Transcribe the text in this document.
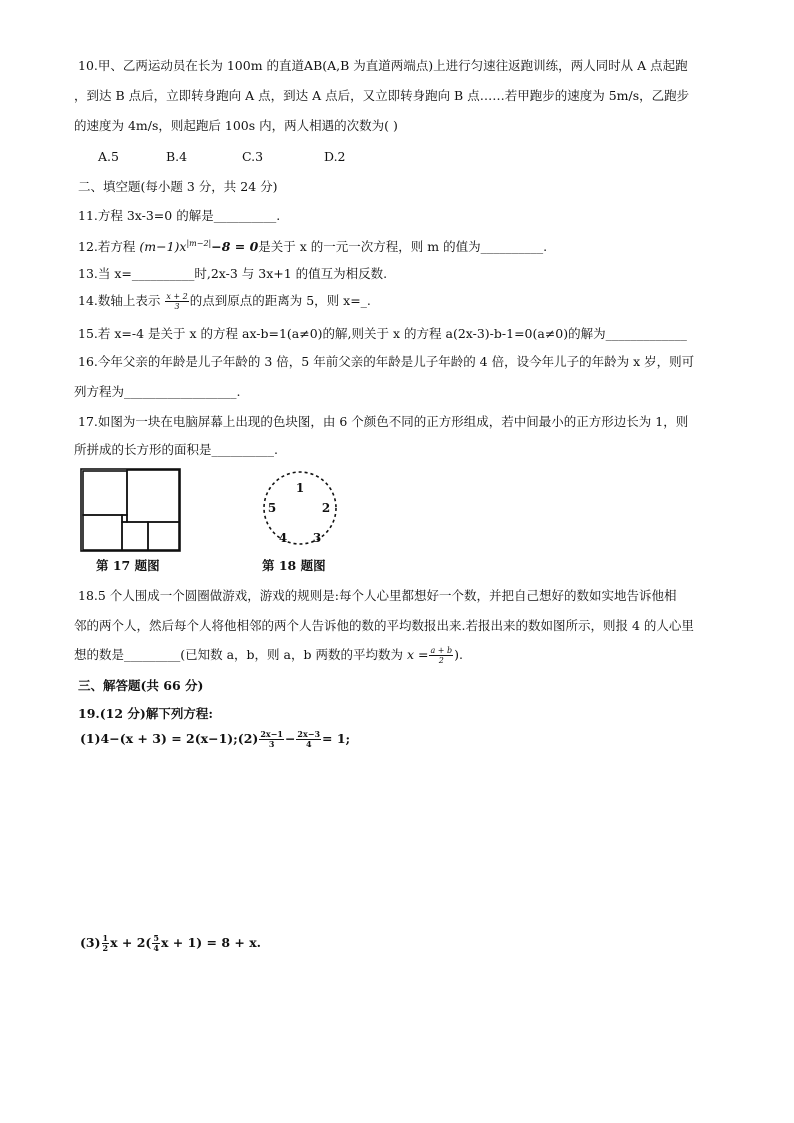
10.甲、乙两运动员在长为 100m 的直道AB(A,B 为直道两端点)上进行匀速往返跑训练，两人同时从 A 点起跑
，到达 B 点后，立即转身跑向 A 点，到达 A 点后，又立即转身跑向 B 点……若甲跑步的速度为 5m/s，乙跑步
的速度为 4m/s，则起跑后 100s 内，两人相遇的次数为( )
A.5	B.4	C.3	D.2
二、填空题(每小题 3 分，共 24 分)
11.方程 3x-3=0 的解是__________.
12.若方程 $(m-1)x^{|m-2|}-8 = 0$是关于 x 的一元一次方程，则 m 的值为__________.
13.当 x=__________时,2x-3 与 3x+1 的值互为相反数.
14.数轴上表示 $\frac{x + 2}{3}$ 的点到原点的距离为 5，则 x=_.
15.若 x=-4 是关于 x 的方程 ax-b=1(a≠0)的解,则关于 x 的方程 a(2x-3)-b-1=0(a≠0)的解为_____________
16.今年父亲的年龄是儿子年龄的 3 倍，5 年前父亲的年龄是儿子年龄的 4 倍，设今年儿子的年龄为 x 岁，则可
列方程为__________________.
17.如图为一块在电脑屏幕上出现的色块图，由 6 个颜色不同的正方形组成，若中间最小的正方形边长为 1，则
所拼成的长方形的面积是__________.
第 17 题图
1
2
3
4
5
第 18 题图
18.5 个人围成一个圆圈做游戏，游戏的规则是:每个人心里都想好一个数，并把自己想好的数如实地告诉他相
邻的两个人，然后每个人将他相邻的两个人告诉他的数的平均数报出来.若报出来的数如图所示，则报 4 的人心里
想的数是_________(已知数 a，b，则 a，b 两数的平均数为 $x = \frac{a + b}{2}$ ).
三、解答题(共 66 分)
19.(12 分)解下列方程:
(1)4−(x + 3) = 2(x−1);(2) $\frac{2x-1}{3} - \frac{2x-3}{4} = 1$;
$(3) \frac{1}{2}$ $x + 2( \frac{5}{4}$ x + 1) = 8 + x.
